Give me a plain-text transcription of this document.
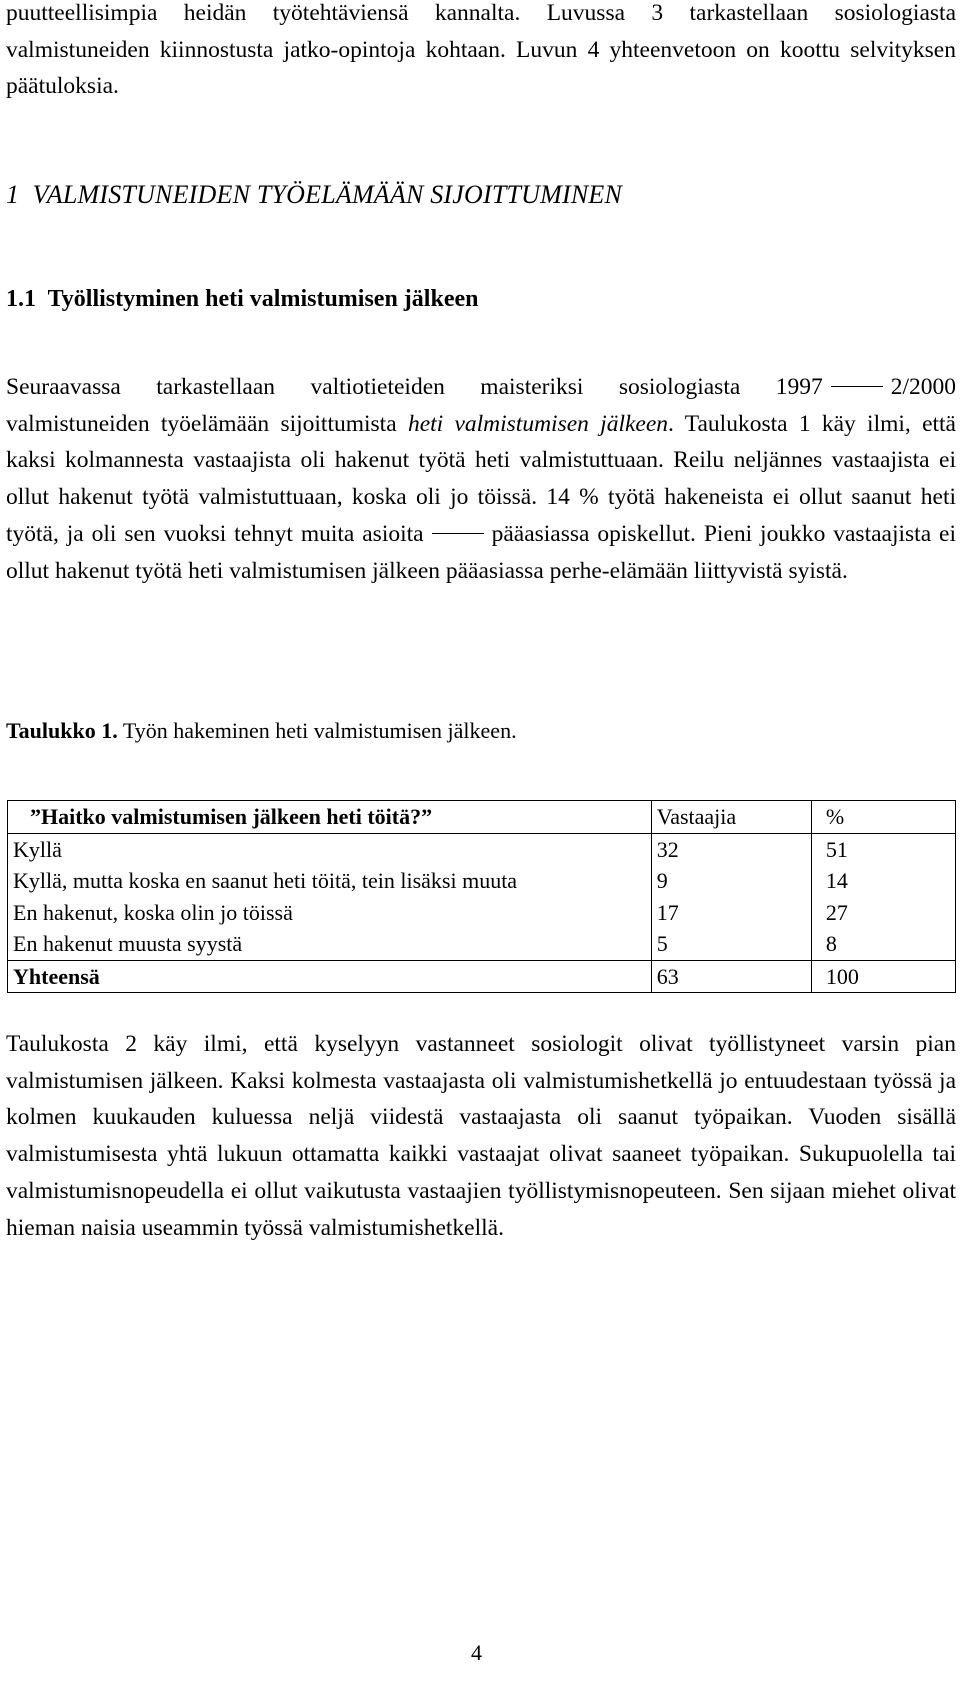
puutteellisimpia heidän työtehtäviensä kannalta. Luvussa 3 tarkastellaan sosiologiasta valmistuneiden kiinnostusta jatko-opintoja kohtaan. Luvun 4 yhteenvetoon on koottu selvityksen päätuloksia.

1  VALMISTUNEIDEN TYÖELÄMÄÄN SIJOITTUMINEN
1.1  Työllistyminen heti valmistumisen jälkeen

Seuraavassa tarkastellaan valtiotieteiden maisteriksi sosiologiasta 1997	2/2000 valmistuneiden työelämään sijoittumista heti valmistumisen jälkeen. Taulukosta 1 käy ilmi, että kaksi kolmannesta vastaajista oli hakenut työtä heti valmistuttuaan. Reilu neljännes vastaajista ei ollut hakenut työtä valmistuttuaan, koska oli jo töissä. 14 % työtä hakeneista ei ollut saanut heti työtä, ja oli sen vuoksi tehnyt muita asioita	pääasiassa opiskellut. Pieni joukko vastaajista ei ollut hakenut työtä heti valmistumisen jälkeen pääasiassa perhe-elämään liittyvistä syistä.

Taulukko 1. Työn hakeminen heti valmistumisen jälkeen.
”Haitko valmistumisen jälkeen heti töitä?”	Vastaajia	%
Kyllä	32	51
Kyllä, mutta koska en saanut heti töitä, tein lisäksi muuta	9	14
En hakenut, koska olin jo töissä	17	27
En hakenut muusta syystä	5	8
Yhteensä	63	100

Taulukosta 2 käy ilmi, että kyselyyn vastanneet sosiologit olivat työllistyneet varsin pian valmistumisen jälkeen. Kaksi kolmesta vastaajasta oli valmistumishetkellä jo entuudestaan työssä ja kolmen kuukauden kuluessa neljä viidestä vastaajasta oli saanut työpaikan. Vuoden sisällä valmistumisesta yhtä lukuun ottamatta kaikki vastaajat olivat saaneet työpaikan. Sukupuolella tai valmistumisnopeudella ei ollut vaikutusta vastaajien työllistymisnopeuteen. Sen sijaan miehet olivat hieman naisia useammin työssä valmistumishetkellä.

4
